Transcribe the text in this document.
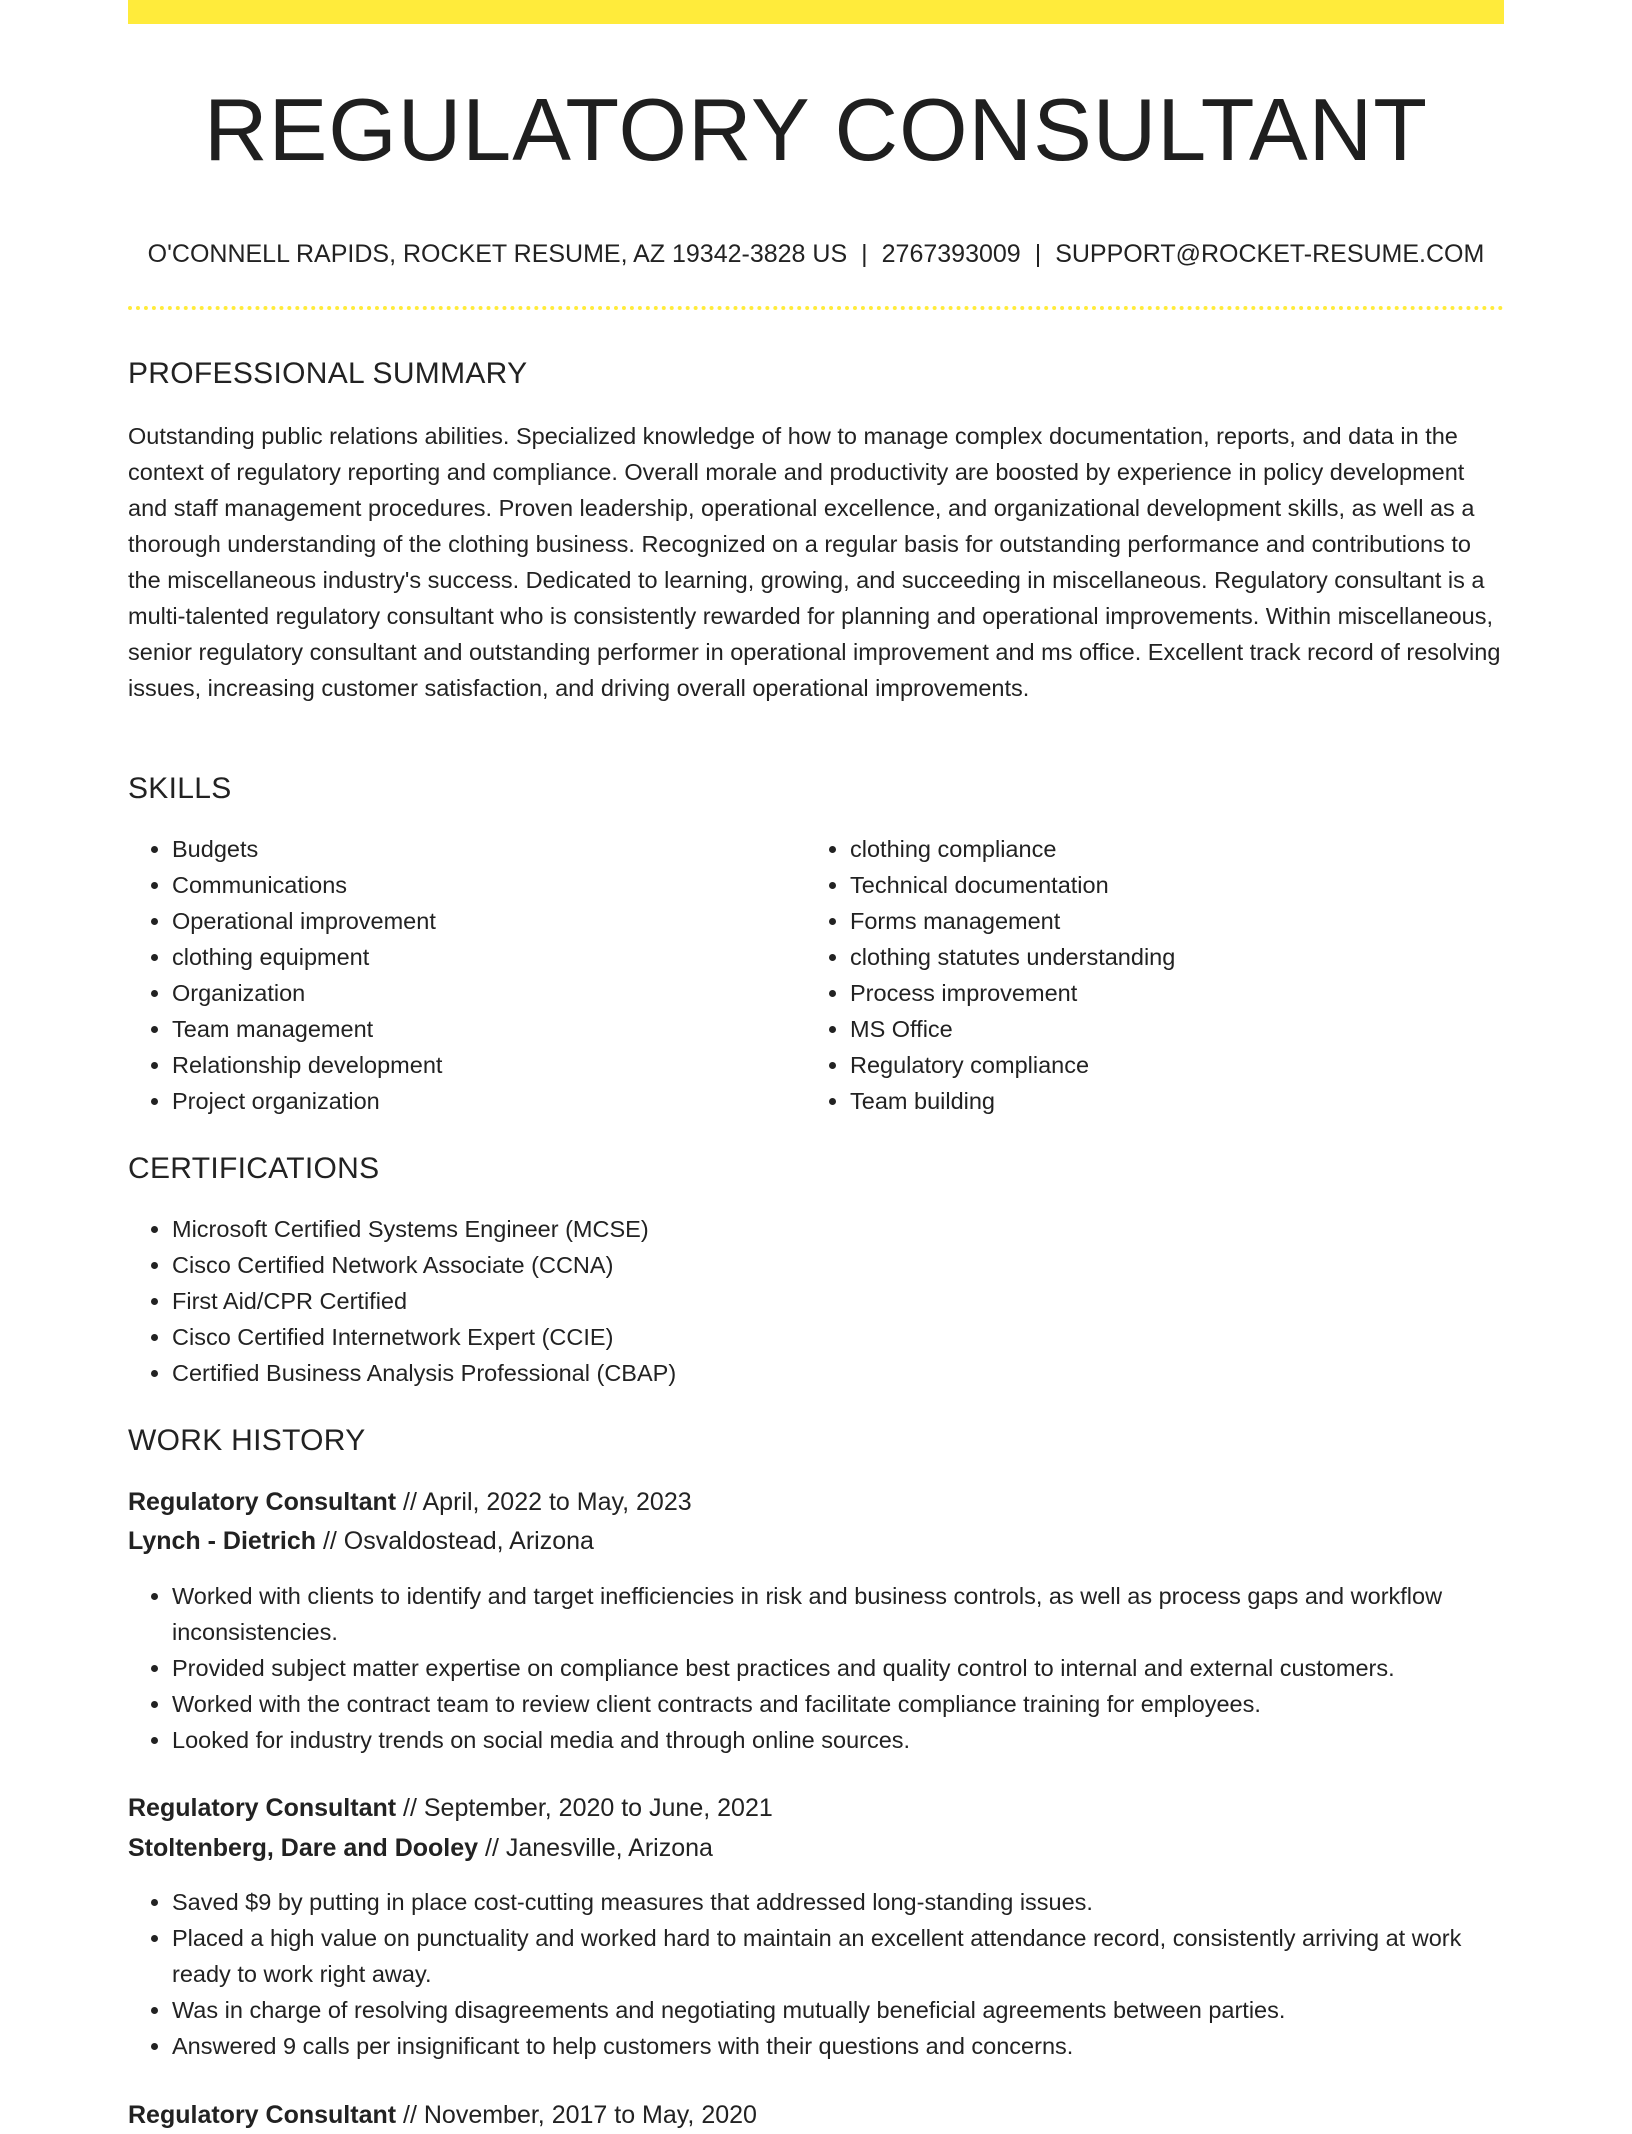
REGULATORY CONSULTANT
O'CONNELL RAPIDS, ROCKET RESUME, AZ 19342-3828 US | 2767393009 | SUPPORT@ROCKET-RESUME.COM
PROFESSIONAL SUMMARY
Outstanding public relations abilities. Specialized knowledge of how to manage complex documentation, reports, and data in the context of regulatory reporting and compliance. Overall morale and productivity are boosted by experience in policy development and staff management procedures. Proven leadership, operational excellence, and organizational development skills, as well as a thorough understanding of the clothing business. Recognized on a regular basis for outstanding performance and contributions to the miscellaneous industry's success. Dedicated to learning, growing, and succeeding in miscellaneous. Regulatory consultant is a multi-talented regulatory consultant who is consistently rewarded for planning and operational improvements. Within miscellaneous, senior regulatory consultant and outstanding performer in operational improvement and ms office. Excellent track record of resolving issues, increasing customer satisfaction, and driving overall operational improvements.
SKILLS
• Budgets
• Communications
• Operational improvement
• clothing equipment
• Organization
• Team management
• Relationship development
• Project organization
• clothing compliance
• Technical documentation
• Forms management
• clothing statutes understanding
• Process improvement
• MS Office
• Regulatory compliance
• Team building
CERTIFICATIONS
• Microsoft Certified Systems Engineer (MCSE)
• Cisco Certified Network Associate (CCNA)
• First Aid/CPR Certified
• Cisco Certified Internetwork Expert (CCIE)
• Certified Business Analysis Professional (CBAP)
WORK HISTORY
Regulatory Consultant // April, 2022 to May, 2023
Lynch - Dietrich // Osvaldostead, Arizona
• Worked with clients to identify and target inefficiencies in risk and business controls, as well as process gaps and workflow inconsistencies.
• Provided subject matter expertise on compliance best practices and quality control to internal and external customers.
• Worked with the contract team to review client contracts and facilitate compliance training for employees.
• Looked for industry trends on social media and through online sources.
Regulatory Consultant // September, 2020 to June, 2021
Stoltenberg, Dare and Dooley // Janesville, Arizona
• Saved $9 by putting in place cost-cutting measures that addressed long-standing issues.
• Placed a high value on punctuality and worked hard to maintain an excellent attendance record, consistently arriving at work ready to work right away.
• Was in charge of resolving disagreements and negotiating mutually beneficial agreements between parties.
• Answered 9 calls per insignificant to help customers with their questions and concerns.
Regulatory Consultant // November, 2017 to May, 2020
